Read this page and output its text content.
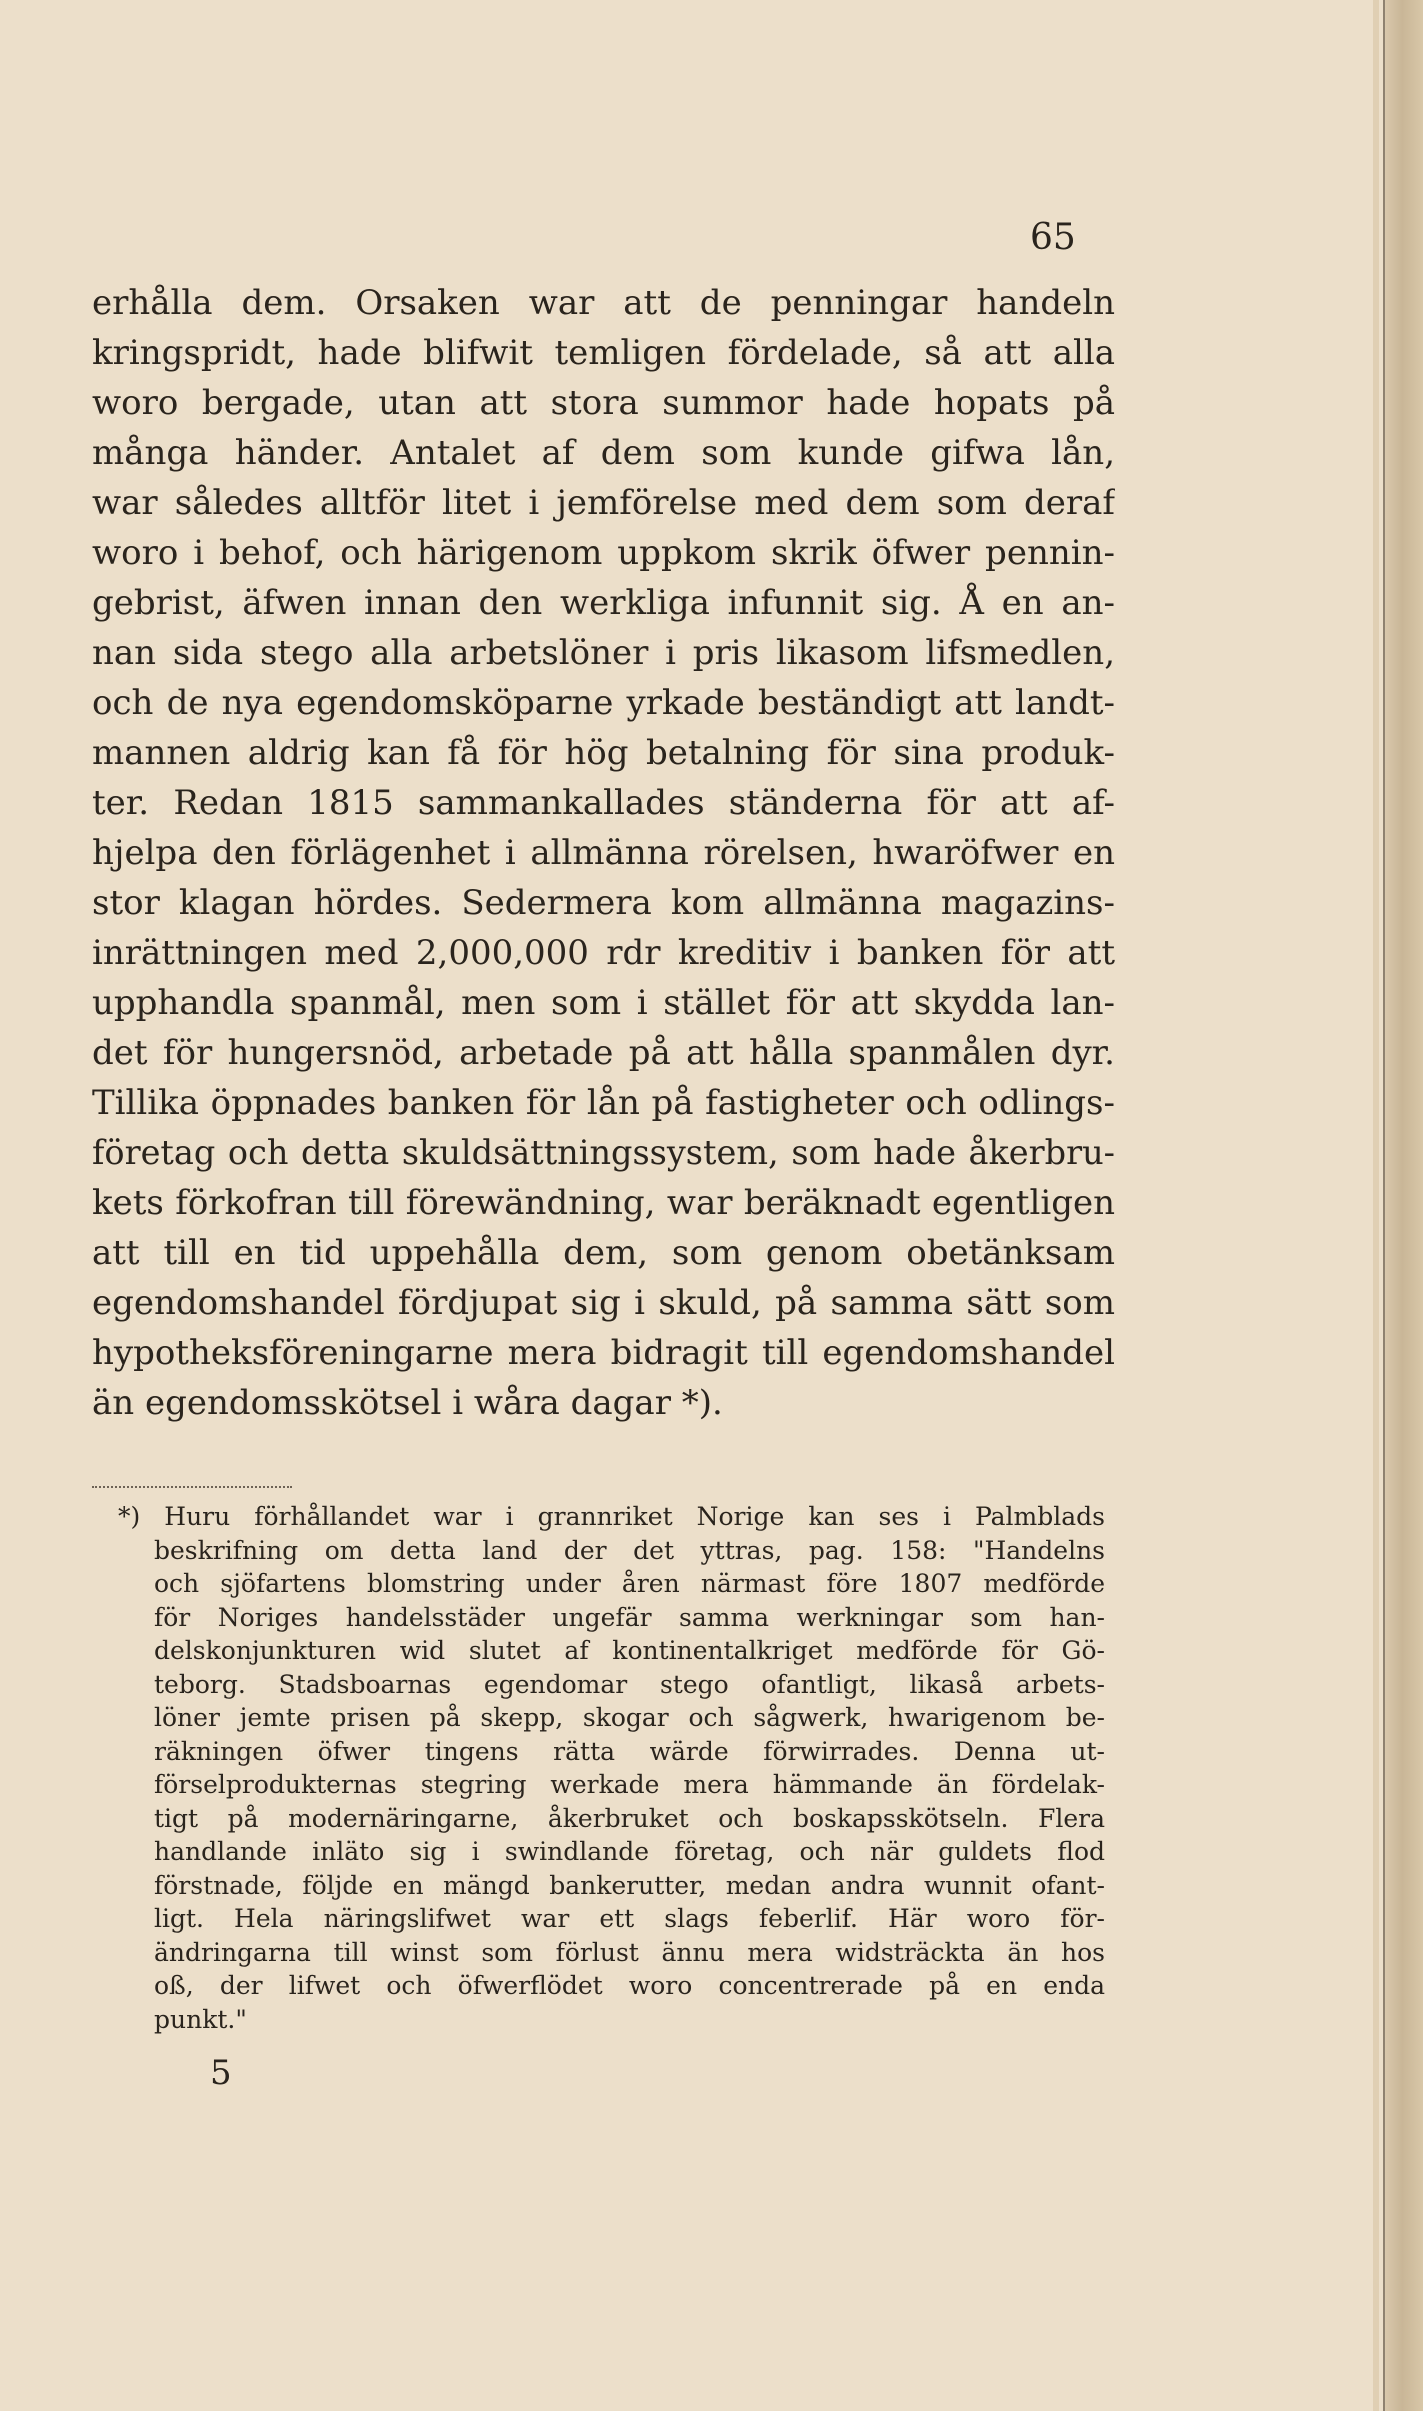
65
erhålla dem. Orsaken war att de penningar handeln
kringspridt, hade blifwit temligen fördelade, så att alla
woro bergade, utan att stora summor hade hopats på
många händer. Antalet af dem som kunde gifwa lån,
war således alltför litet i jemförelse med dem som deraf
woro i behof, och härigenom uppkom skrik öfwer pennin-
gebrist, äfwen innan den werkliga infunnit sig. Å en an-
nan sida stego alla arbetslöner i pris likasom lifsmedlen,
och de nya egendomsköparne yrkade beständigt att landt-
mannen aldrig kan få för hög betalning för sina produk-
ter. Redan 1815 sammankallades ständerna för att af-
hjelpa den förlägenhet i allmänna rörelsen, hwaröfwer en
stor klagan hördes. Sedermera kom allmänna magazins-
inrättningen med 2,000,000 rdr kreditiv i banken för att
upphandla spanmål, men som i stället för att skydda lan-
det för hungersnöd, arbetade på att hålla spanmålen dyr.
Tillika öppnades banken för lån på fastigheter och odlings-
företag och detta skuldsättningssystem, som hade åkerbru-
kets förkofran till förewändning, war beräknadt egentligen
att till en tid uppehålla dem, som genom obetänksam
egendomshandel fördjupat sig i skuld, på samma sätt som
hypotheksföreningarne mera bidragit till egendomshandel
än egendomsskötsel i wåra dagar *).
*) Huru förhållandet war i grannriket Norige kan ses i Palmblads
beskrifning om detta land der det yttras, pag. 158: "Handelns
och sjöfartens blomstring under åren närmast före 1807 medförde
för Noriges handelsstäder ungefär samma werkningar som han-
delskonjunkturen wid slutet af kontinentalkriget medförde för Gö-
teborg. Stadsboarnas egendomar stego ofantligt, likaså arbets-
löner jemte prisen på skepp, skogar och sågwerk, hwarigenom be-
räkningen öfwer tingens rätta wärde förwirrades. Denna ut-
förselprodukternas stegring werkade mera hämmande än fördelak-
tigt på modernäringarne, åkerbruket och boskapsskötseln. Flera
handlande inläto sig i swindlande företag, och när guldets flod
förstnade, följde en mängd bankerutter, medan andra wunnit ofant-
ligt. Hela näringslifwet war ett slags feberlif. Här woro för-
ändringarna till winst som förlust ännu mera widsträckta än hos
oß, der lifwet och öfwerflödet woro concentrerade på en enda
punkt."
5
